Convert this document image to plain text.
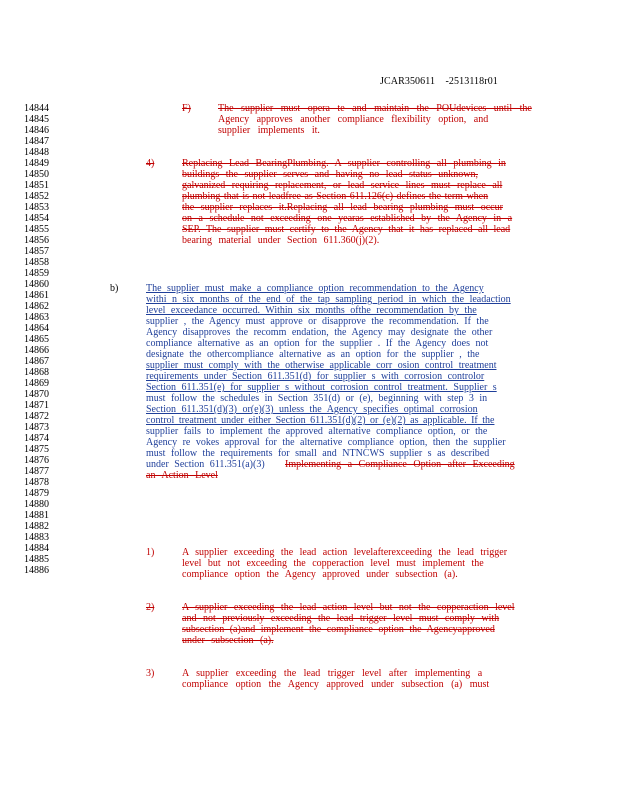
JCAR350611 -2513118r01
14844
14845
14846
14847
14848
14849
14850
14851
14852
14853
14854
14855
14856
14857
14858
14859
14860
14861
14862
14863
14864
14865
14866
14867
14868
14869
14870
14871
14872
14873
14874
14875
14876
14877
14878
14879
14880
14881
14882
14883
14884
14885
14886
F)	The supplier must opera te and maintain the POUdevices until the
Agency approves another compliance flexibility option, and
supplier implements it.
4)	Replacing Lead BearingPlumbing. A supplier controlling all plumbing in
buildings the supplier serves and having no lead status unknown,
galvanized requiring replacement, or lead service lines must replace all
plumbing that is not leadfree as Section 611.126(c) defines the term when
the supplier replaces it.Replacing all lead bearing plumbing must occur
on a schedule not exceeding one yearas established by the Agency in a
SEP. The supplier must certify to the Agency that it has replaced all lead
bearing material under Section 611.360(j)(2).
b)	The supplier must make a compliance option recommendation to the Agency
withi n six months of the end of the tap sampling period in which the leadaction
level exceedance occurred. Within six months ofthe recommendation by the
supplier , the Agency must approve or disapprove the recommendation. If the
Agency disapproves the recomm endation, the Agency may designate the other
compliance alternative as an option for the supplier . If the Agency does not
designate the othercompliance alternative as an option for the supplier , the
supplier must comply with the otherwise applicable corr osion control treatment
requirements under Section 611.351(d) for supplier s with corrosion controlor
Section 611.351(e) for supplier s without corrosion control treatment. Supplier s
must follow the schedules in Section 351(d) or (e), beginning with step 3 in
Section 611.351(d)(3) or(e)(3) unless the Agency specifies optimal corrosion
control treatment under either Section 611.351(d)(2) or (e)(2) as applicable. If the
supplier fails to implement the approved alternative compliance option, or the
Agency re vokes approval for the alternative compliance option, then the supplier
must follow the requirements for small and NTNCWS supplier s as described
under Section 611.351(a)(3) Implementing a Compliance Option after Exceeding
an Action Level
1)	A supplier exceeding the lead action levelafterexceeding the lead trigger
level but not exceeding the copperaction level must implement the
compliance option the Agency approved under subsection (a).
2)	A supplier exceeding the lead action level but not the copperaction level
and not previously exceeding the lead trigger level must comply with
subsection (a)and implement the compliance option the Agencyapproved
under subsection (a).
3)	A supplier exceeding the lead trigger level after implementing a
compliance option the Agency approved under subsection (a) must
